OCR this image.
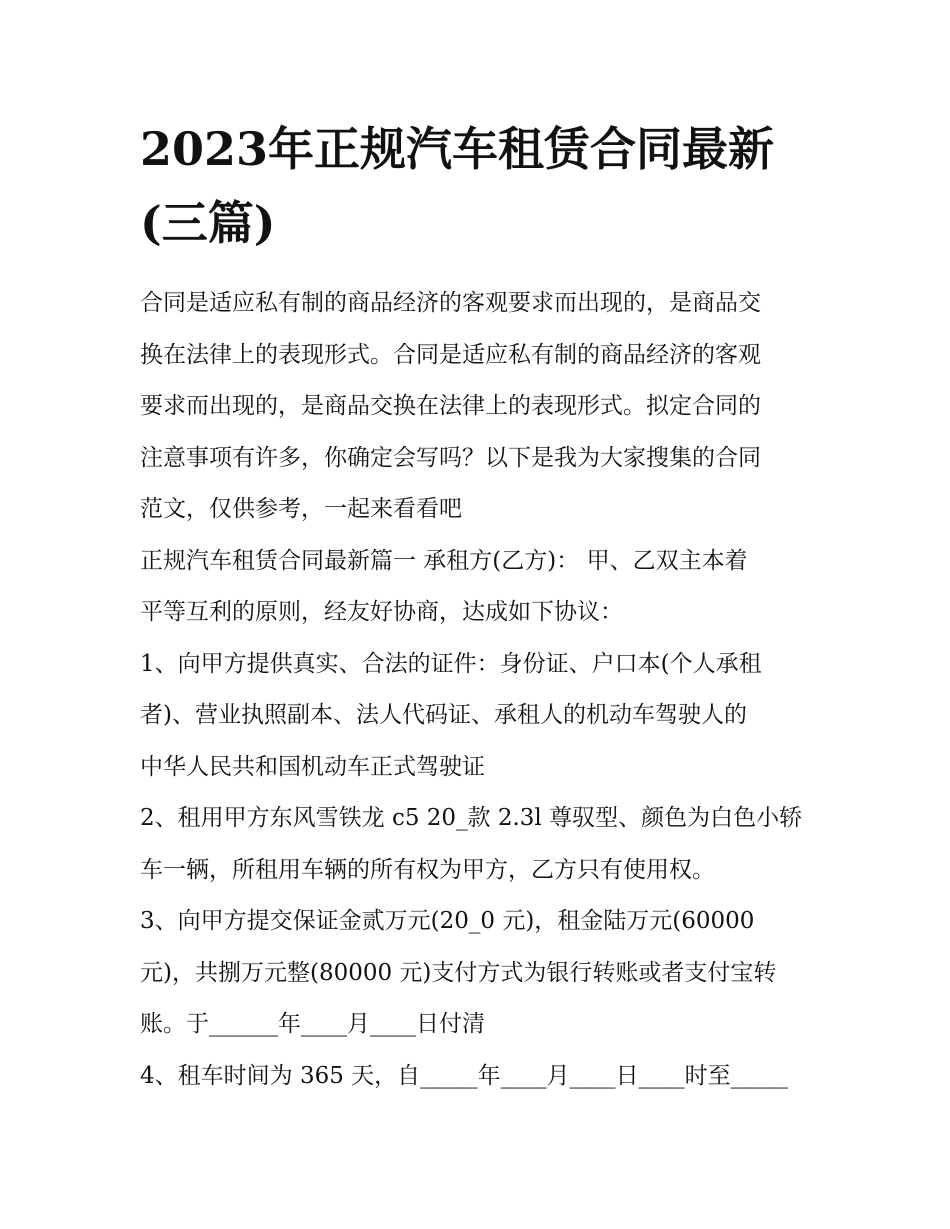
2023年正规汽车租赁合同最新
(三篇)

合同是适应私有制的商品经济的客观要求而出现的，是商品交

换在法律上的表现形式。合同是适应私有制的商品经济的客观

要求而出现的，是商品交换在法律上的表现形式。拟定合同的

注意事项有许多，你确定会写吗？以下是我为大家搜集的合同

范文，仅供参考，一起来看看吧

正规汽车租赁合同最新篇一 承租方(乙方)： 甲、乙双主本着

平等互利的原则，经友好协商，达成如下协议：

1、向甲方提供真实、合法的证件：身份证、户口本(个人承租

者)、营业执照副本、法人代码证、承租人的机动车驾驶人的

中华人民共和国机动车正式驾驶证

2、租用甲方东风雪铁龙 c5 20_款 2.3l 尊驭型、颜色为白色小轿

车一辆，所租用车辆的所有权为甲方，乙方只有使用权。

3、向甲方提交保证金贰万元(20_0 元)，租金陆万元(60000

元)，共捌万元整(80000 元)支付方式为银行转账或者支付宝转

账。于______年____月____日付清

4、租车时间为 365 天，自_____年____月____日____时至_____
